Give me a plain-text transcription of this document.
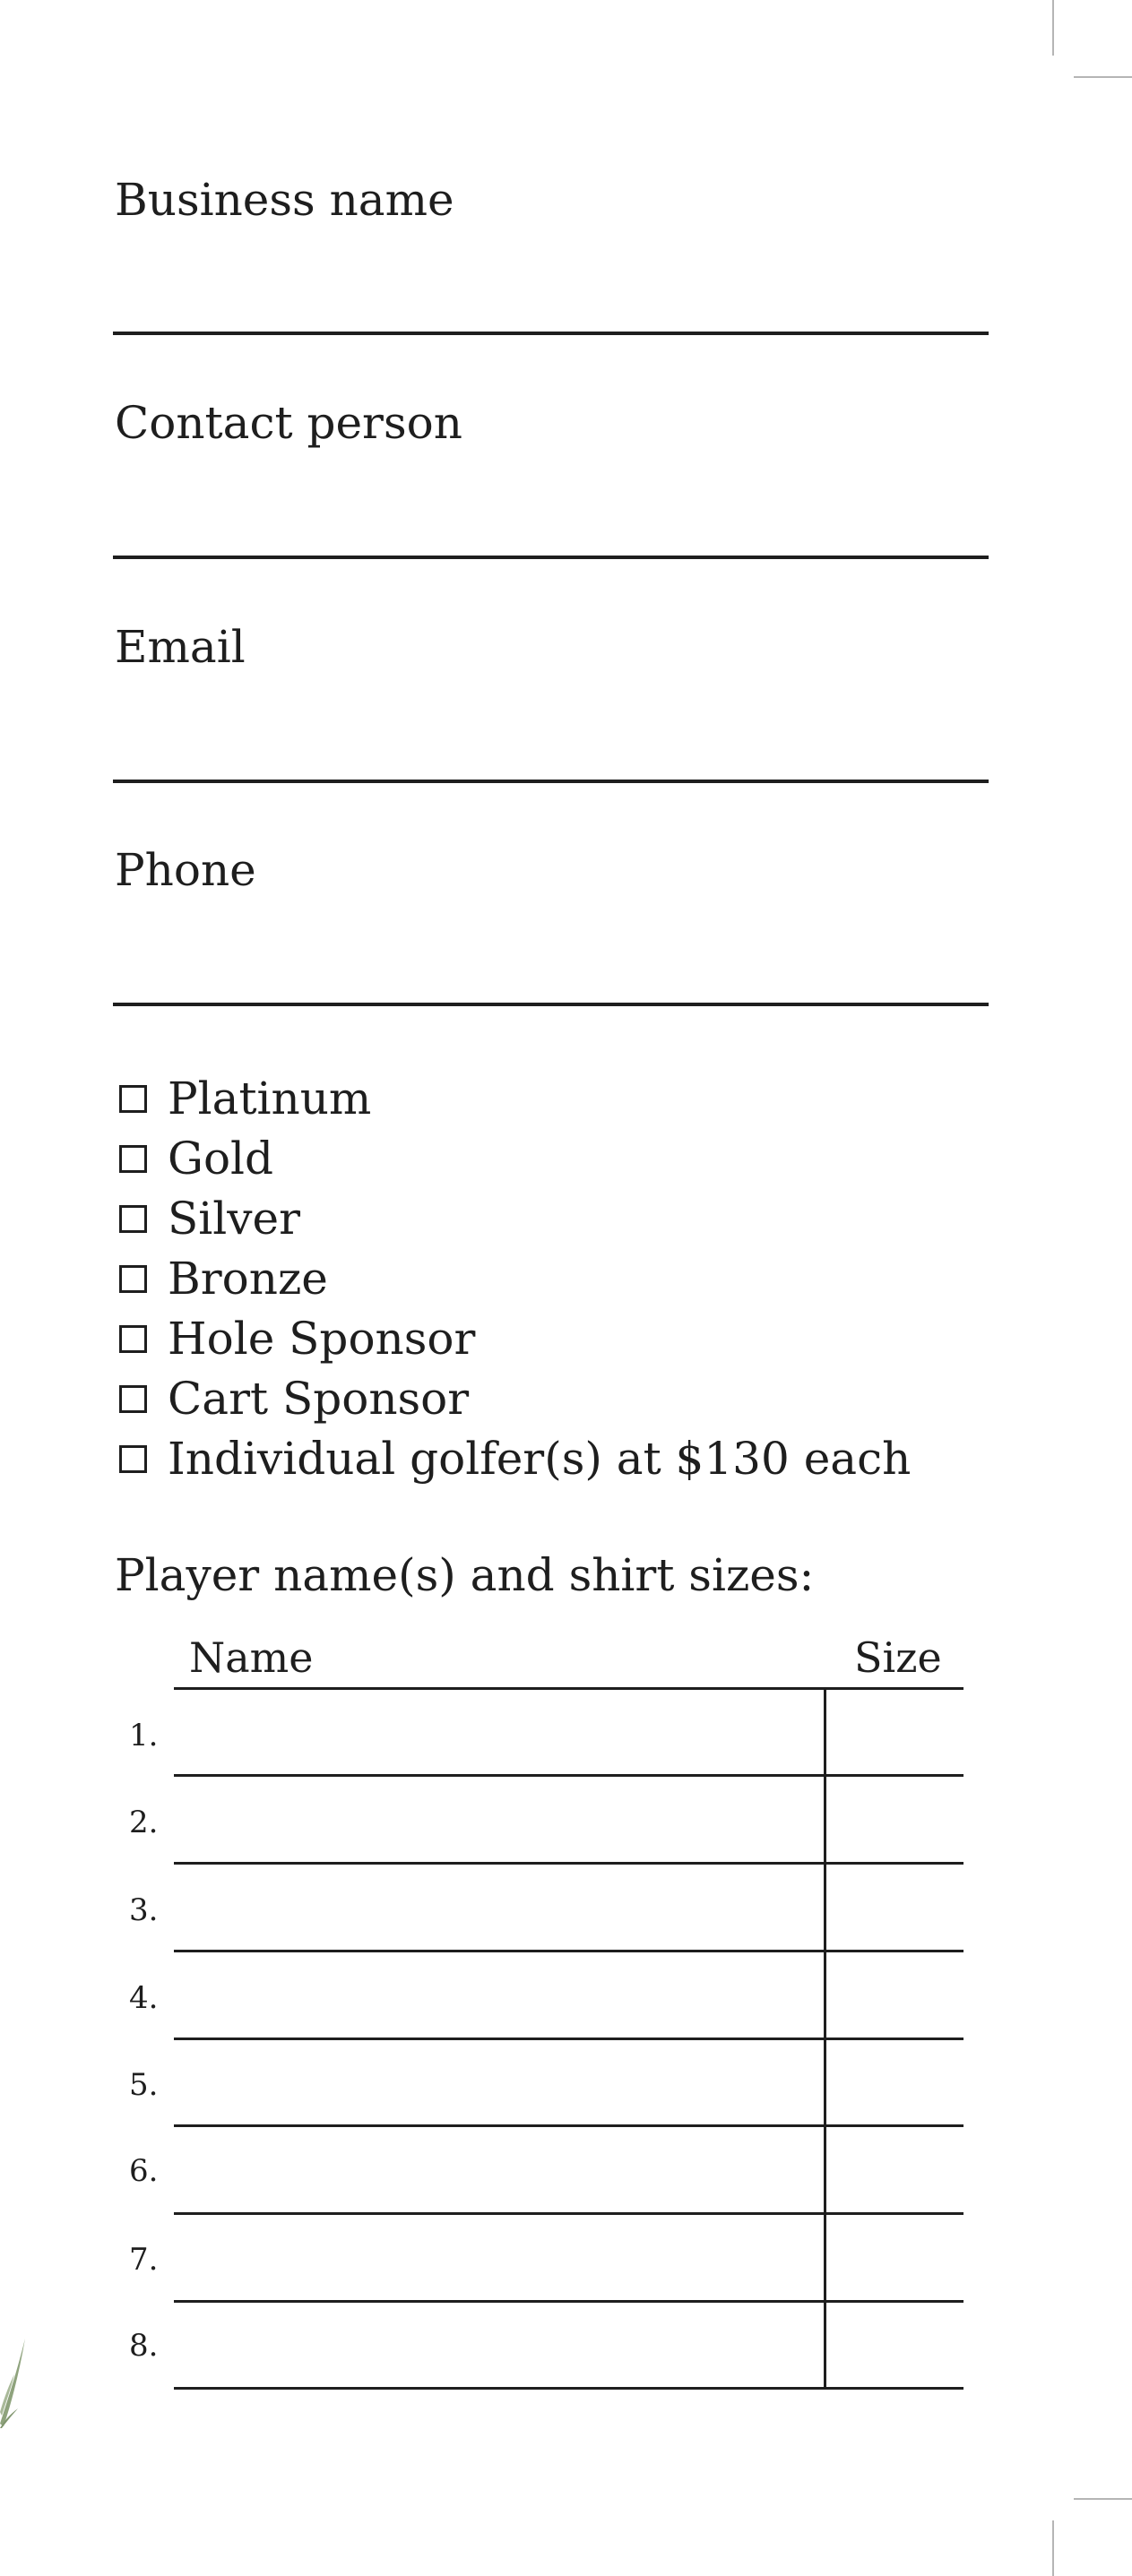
Business name
Contact person
Email
Phone
Platinum
Gold
Silver
Bronze
Hole Sponsor
Cart Sponsor
Individual golfer(s) at $130 each
Player name(s) and shirt sizes:
Name	Size
1.
2.
3.
4.
5.
6.
7.
8.
